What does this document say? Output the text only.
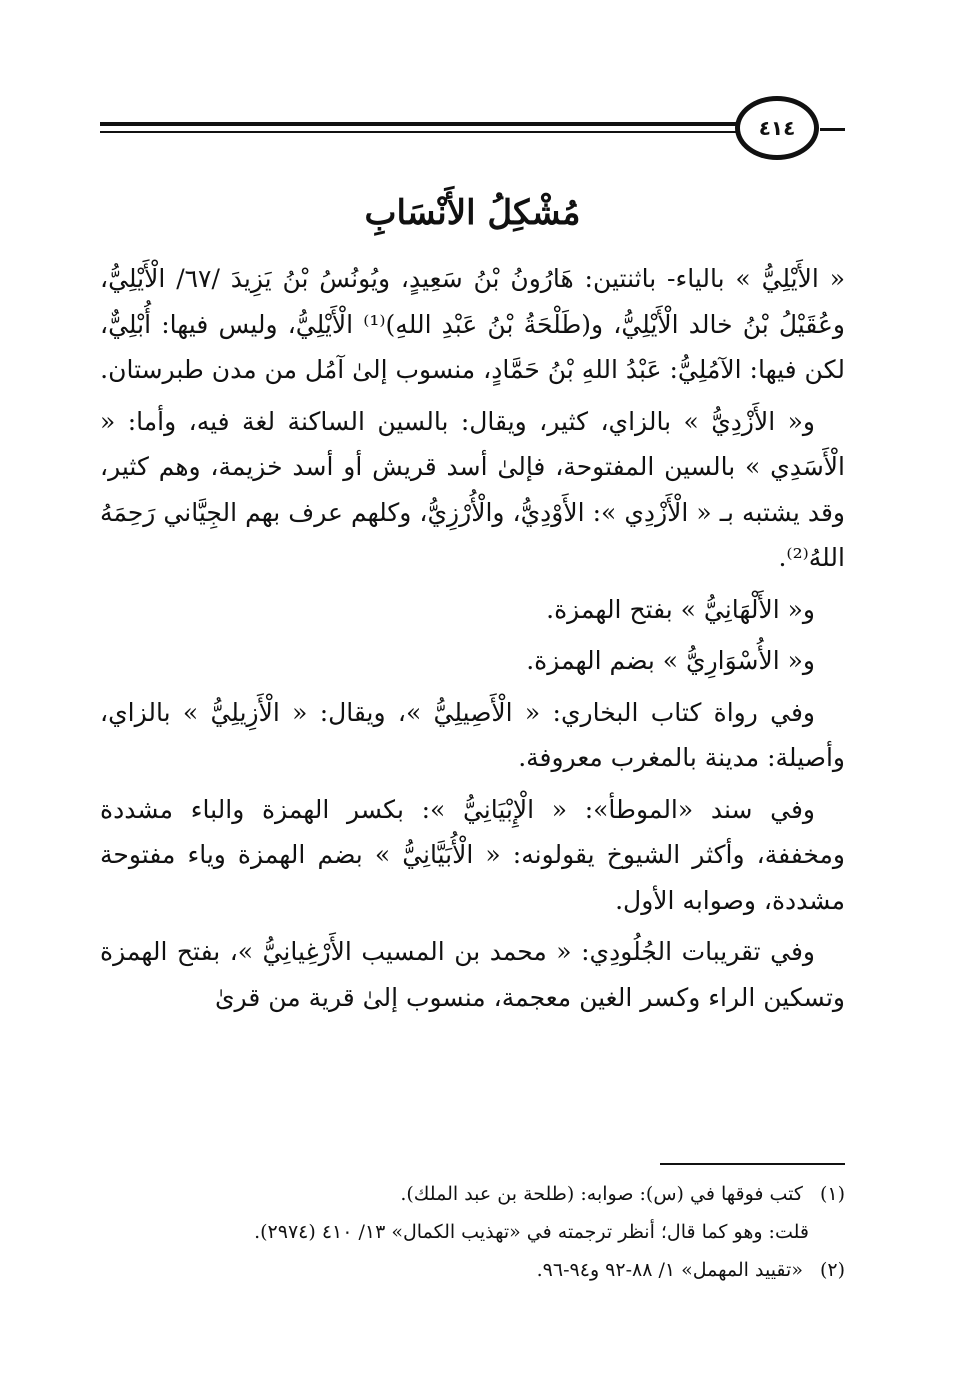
٤١٤
مُشْكِلُ الأَنْسَابِ

« الأَيْلِيُّ » بالياء- باثنتين: هَارُونُ بْنُ سَعِيدٍ، ويُونُسُ بْنُ يَزِيدَ /٦٧/ الْأَيْلِيُّ، وعُقَيْلُ بْنُ خالد الْأَيْلِيُّ، و(طَلْحَةُ بْنُ عَبْدِ اللهِ)⁽¹⁾ الْأَيْلِيُّ، وليس فيها: أُبْلِيٌّ، لكن فيها: الآمُلِيُّ: عَبْدُ اللهِ بْنُ حَمَّادٍ، منسوب إلىٰ آمُل من مدن طبرستان.

و« الأَزْدِيُّ » بالزاي، كثير، ويقال: بالسين الساكنة لغة فيه، وأما: « الْأَسَدِي » بالسين المفتوحة، فإلىٰ أسد قريش أو أسد خزيمة، وهم كثير، وقد يشتبه بـ « الْأَزْدِي »: الأَوْدِيُّ، والْأُرْزِيُّ، وكلهم عرف بهم الجِيَّاني رَحِمَهُ اللهُ⁽²⁾.

و« الأَلْهَانِيُّ » بفتح الهمزة.

و« الأُسْوَارِيُّ » بضم الهمزة.

وفي رواة كتاب البخاري: « الْأَصِيلِيُّ »، ويقال: « الْأَزِيلِيُّ » بالزاي، وأصيلة: مدينة بالمغرب معروفة.

وفي سند «الموطأ»: « الْإِبْيَانِيُّ »: بكسر الهمزة والباء مشددة ومخففة، وأكثر الشيوخ يقولونه: « الْأُبَيَّانِيُّ » بضم الهمزة وياء مفتوحة مشددة، وصوابه الأول.

وفي تقريبات الجُلُودِي: « محمد بن المسيب الأَرْغِيانِيُّ »، بفتح الهمزة وتسكين الراء وكسر الغين معجمة، منسوب إلىٰ قرية من قرىٰ

(١) كتب فوقها في (س): صوابه: (طلحة بن عبد الملك).

قلت: وهو كما قال؛ أنظر ترجمته في «تهذيب الكمال» ١٣/ ٤١٠ (٢٩٧٤).

(٢) «تقييد المهمل» ١/ ٨٨-٩٢ و٩٤-٩٦.
